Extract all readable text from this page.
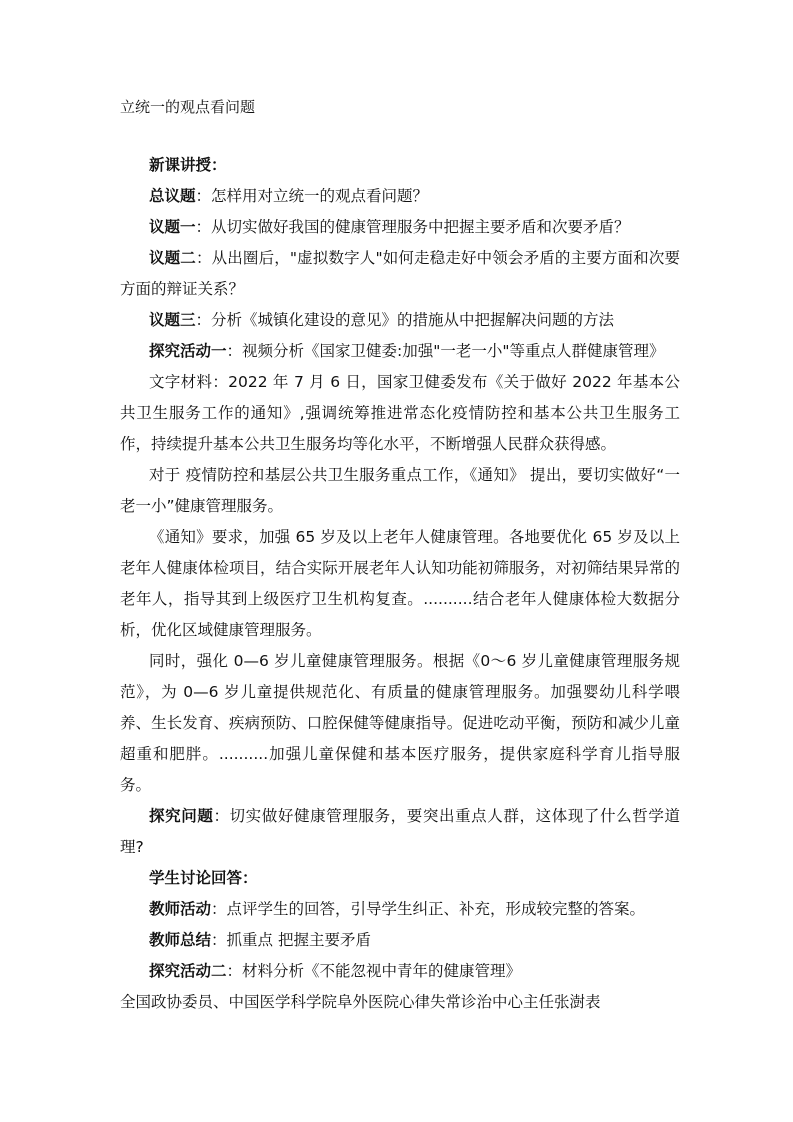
立统一的观点看问题

新课讲授：

总议题：怎样用对立统一的观点看问题？

议题一：从切实做好我国的健康管理服务中把握主要矛盾和次要矛盾？

议题二：从出圈后，"虚拟数字人"如何走稳走好中领会矛盾的主要方面和次要方面的辩证关系？

议题三：分析《城镇化建设的意见》的措施从中把握解决问题的方法

探究活动一：视频分析《国家卫健委:加强"一老一小"等重点人群健康管理》

文字材料：2022 年 7 月 6 日，国家卫健委发布《关于做好 2022 年基本公共卫生服务工作的通知》,强调统筹推进常态化疫情防控和基本公共卫生服务工作，持续提升基本公共卫生服务均等化水平，不断增强人民群众获得感。

对于 疫情防控和基层公共卫生服务重点工作，《通知》 提出，要切实做好“一老一小”健康管理服务。

《通知》要求，加强 65 岁及以上老年人健康管理。各地要优化 65 岁及以上老年人健康体检项目，结合实际开展老年人认知功能初筛服务，对初筛结果异常的老年人，指导其到上级医疗卫生机构复查。..........结合老年人健康体检大数据分析，优化区域健康管理服务。

同时，强化 0—6 岁儿童健康管理服务。根据《0～6 岁儿童健康管理服务规范》，为 0—6 岁儿童提供规范化、有质量的健康管理服务。加强婴幼儿科学喂养、生长发育、疾病预防、口腔保健等健康指导。促进吃动平衡，预防和减少儿童超重和肥胖。..........加强儿童保健和基本医疗服务，提供家庭科学育儿指导服务。

探究问题：切实做好健康管理服务，要突出重点人群，这体现了什么哲学道理?

学生讨论回答：

教师活动：点评学生的回答，引导学生纠正、补充，形成较完整的答案。

教师总结：抓重点 把握主要矛盾

探究活动二：材料分析《不能忽视中青年的健康管理》

全国政协委员、中国医学科学院阜外医院心律失常诊治中心主任张澍表
